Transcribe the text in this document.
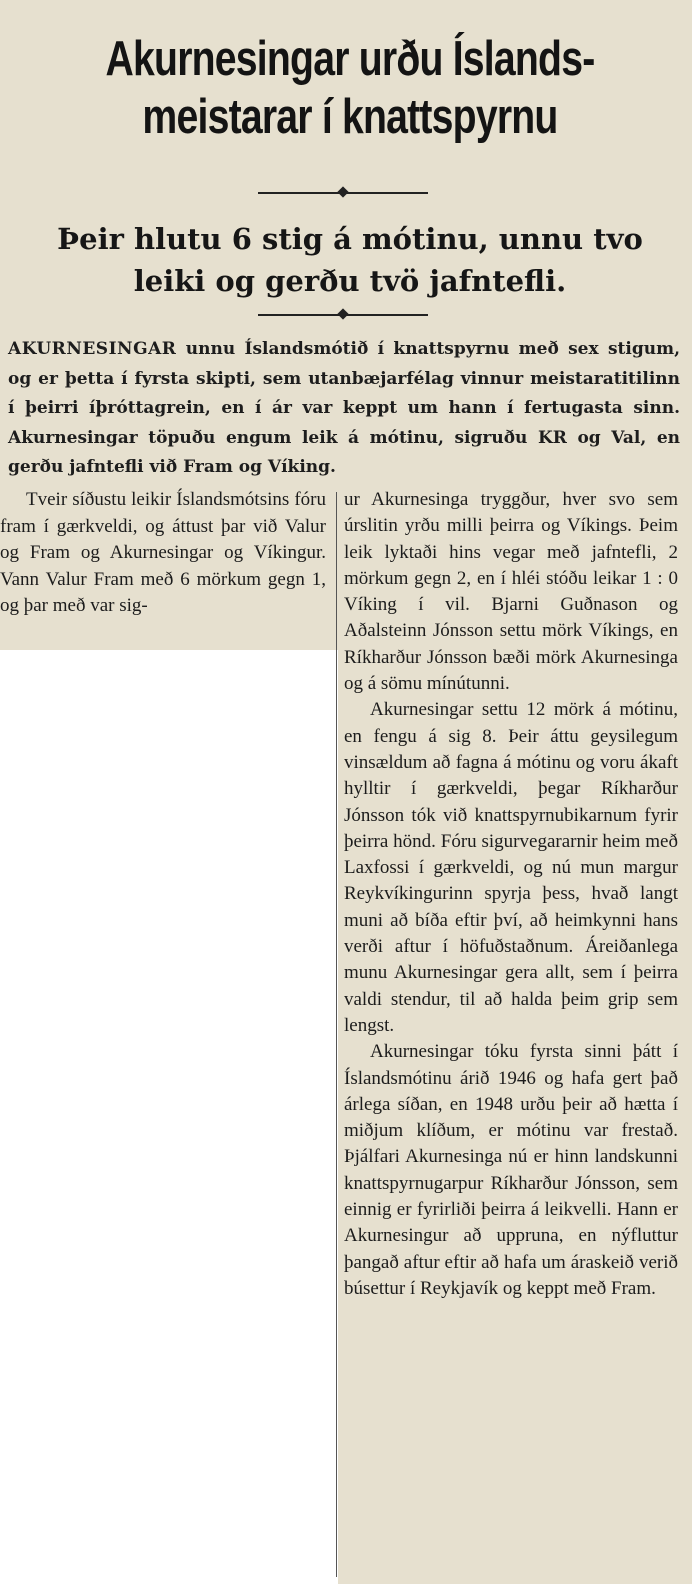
Akurnesingar urðu Íslands-meistarar í knattspyrnu
Þeir hlutu 6 stig á mótinu, unnu tvo leiki og gerðu tvö jafntefli.

AKURNESINGAR unnu Íslandsmótið í knattspyrnu með sex stigum, og er þetta í fyrsta skipti, sem utanbæjarfélag vinnur meistaratitilinn í þeirri íþróttagrein, en í ár var keppt um hann í fertugasta sinn. Akurnesingar töpuðu engum leik á mótinu, sigruðu KR og Val, en gerðu jafntefli við Fram og Víking.

Tveir síðustu leikir Íslandsmótsins fóru fram í gærkveldi, og áttust þar við Valur og Fram og Akurnesingar og Víkingur. Vann Valur Fram með 6 mörkum gegn 1, og þar með var sig-

ur Akurnesinga tryggður, hver svo sem úrslitin yrðu milli þeirra og Víkings. Þeim leik lyktaði hins vegar með jafntefli, 2 mörkum gegn 2, en í hléi stóðu leikar 1 : 0 Víking í vil. Bjarni Guðnason og Aðalsteinn Jónsson settu mörk Víkings, en Ríkharður Jónsson bæði mörk Akurnesinga og á sömu mínútunni.

Akurnesingar settu 12 mörk á mótinu, en fengu á sig 8. Þeir áttu geysilegum vinsældum að fagna á mótinu og voru ákaft hylltir í gærkveldi, þegar Ríkharður Jónsson tók við knattspyrnubikarnum fyrir þeirra hönd. Fóru sigurvegararnir heim með Laxfossi í gærkveldi, og nú mun margur Reykvíkingurinn spyrja þess, hvað langt muni að bíða eftir því, að heimkynni hans verði aftur í höfuðstaðnum. Áreiðanlega munu Akurnesingar gera allt, sem í þeirra valdi stendur, til að halda þeim grip sem lengst.

Akurnesingar tóku fyrsta sinni þátt í Íslandsmótinu árið 1946 og hafa gert það árlega síðan, en 1948 urðu þeir að hætta í miðjum klíðum, er mótinu var frestað. Þjálfari Akurnesinga nú er hinn landskunni knattspyrnugarpur Ríkharður Jónsson, sem einnig er fyrirliði þeirra á leikvelli. Hann er Akurnesingur að uppruna, en nýfluttur þangað aftur eftir að hafa um áraskeið verið búsettur í Reykjavík og keppt með Fram.
